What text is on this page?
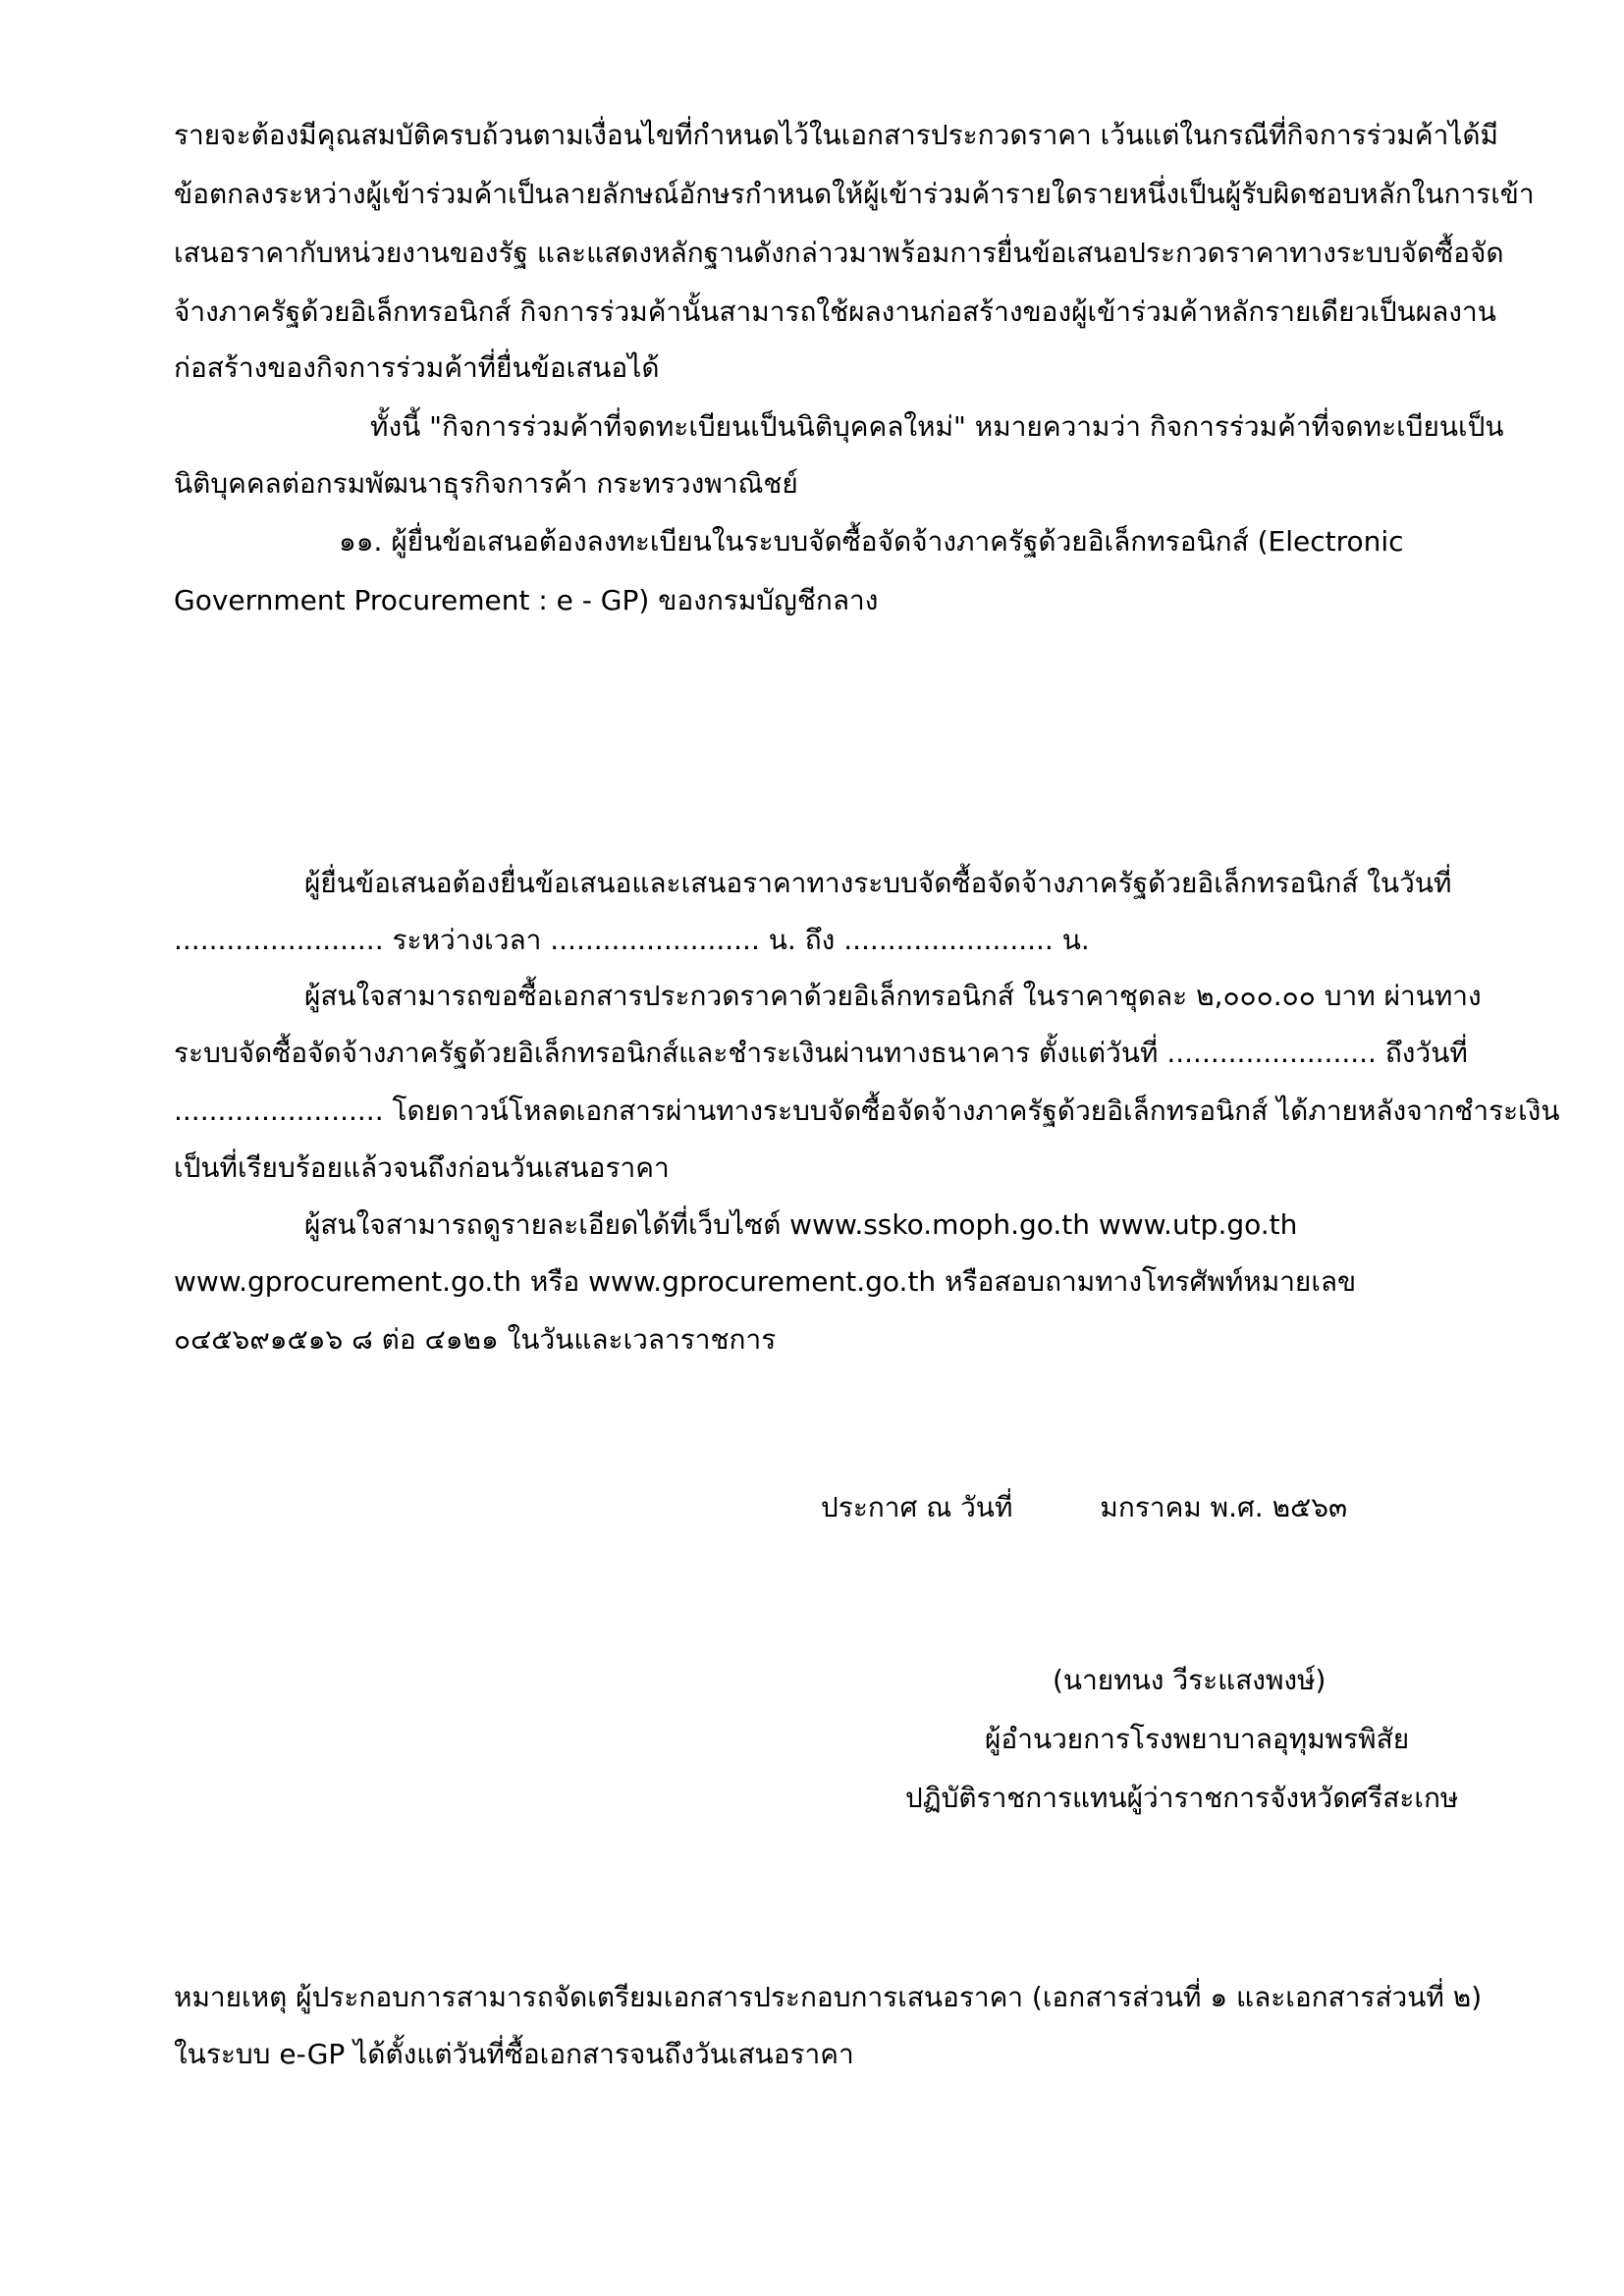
รายจะต้องมีคุณสมบัติครบถ้วนตามเงื่อนไขที่กำหนดไว้ในเอกสารประกวดราคา เว้นแต่ในกรณีที่กิจการร่วมค้าได้มี
ข้อตกลงระหว่างผู้เข้าร่วมค้าเป็นลายลักษณ์อักษรกำหนดให้ผู้เข้าร่วมค้ารายใดรายหนึ่งเป็นผู้รับผิดชอบหลักในการเข้า
เสนอราคากับหน่วยงานของรัฐ และแสดงหลักฐานดังกล่าวมาพร้อมการยื่นข้อเสนอประกวดราคาทางระบบจัดซื้อจัด
จ้างภาครัฐด้วยอิเล็กทรอนิกส์ กิจการร่วมค้านั้นสามารถใช้ผลงานก่อสร้างของผู้เข้าร่วมค้าหลักรายเดียวเป็นผลงาน
ก่อสร้างของกิจการร่วมค้าที่ยื่นข้อเสนอได้
ทั้งนี้ "กิจการร่วมค้าที่จดทะเบียนเป็นนิติบุคคลใหม่" หมายความว่า กิจการร่วมค้าที่จดทะเบียนเป็น
นิติบุคคลต่อกรมพัฒนาธุรกิจการค้า กระทรวงพาณิชย์
๑๑. ผู้ยื่นข้อเสนอต้องลงทะเบียนในระบบจัดซื้อจัดจ้างภาครัฐด้วยอิเล็กทรอนิกส์ (Electronic
Government Procurement : e - GP) ของกรมบัญชีกลาง
ผู้ยื่นข้อเสนอต้องยื่นข้อเสนอและเสนอราคาทางระบบจัดซื้อจัดจ้างภาครัฐด้วยอิเล็กทรอนิกส์ ในวันที่
........................ ระหว่างเวลา ........................ น. ถึง ........................ น.
ผู้สนใจสามารถขอซื้อเอกสารประกวดราคาด้วยอิเล็กทรอนิกส์ ในราคาชุดละ ๒,๐๐๐.๐๐ บาท ผ่านทาง
ระบบจัดซื้อจัดจ้างภาครัฐด้วยอิเล็กทรอนิกส์และชำระเงินผ่านทางธนาคาร ตั้งแต่วันที่ ........................ ถึงวันที่
........................ โดยดาวน์โหลดเอกสารผ่านทางระบบจัดซื้อจัดจ้างภาครัฐด้วยอิเล็กทรอนิกส์ ได้ภายหลังจากชำระเงิน
เป็นที่เรียบร้อยแล้วจนถึงก่อนวันเสนอราคา
ผู้สนใจสามารถดูรายละเอียดได้ที่เว็บไซต์ www.ssko.moph.go.th www.utp.go.th
www.gprocurement.go.th หรือ www.gprocurement.go.th หรือสอบถามทางโทรศัพท์หมายเลข
๐๔๕๖๙๑๕๑๖ ๘ ต่อ ๔๑๒๑ ในวันและเวลาราชการ
ประกาศ ณ วันที่          มกราคม พ.ศ. ๒๕๖๓
(นายทนง วีระแสงพงษ์)
ผู้อำนวยการโรงพยาบาลอุทุมพรพิสัย
ปฏิบัติราชการแทนผู้ว่าราชการจังหวัดศรีสะเกษ
หมายเหตุ ผู้ประกอบการสามารถจัดเตรียมเอกสารประกอบการเสนอราคา (เอกสารส่วนที่ ๑ และเอกสารส่วนที่ ๒)
ในระบบ e-GP ได้ตั้งแต่วันที่ซื้อเอกสารจนถึงวันเสนอราคา
